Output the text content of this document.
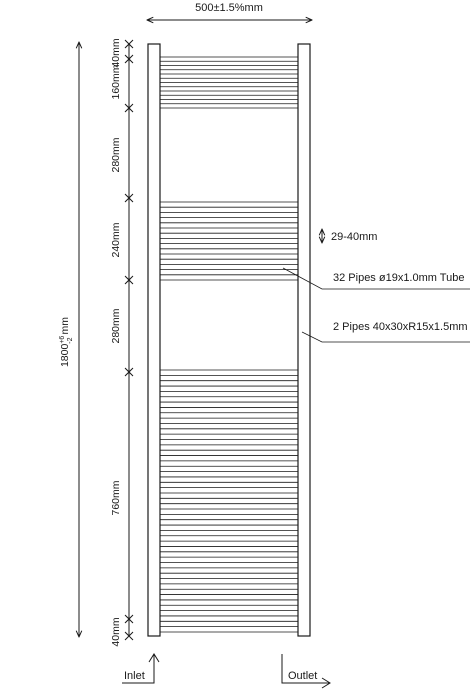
500±1.5%mm
$1800^{+6}-2mm$
40mm
160mm
280mm
240mm
280mm
760mm
40mm
29-40mm
32 Pipes ø19x1.0mm Tube
2 Pipes 40x30xR15x1.5mm
Inlet	Outlet
